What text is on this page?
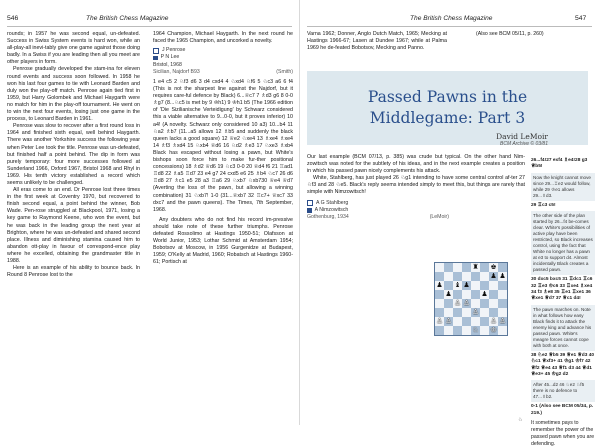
546	The British Chess Magazine

rounds; in 1957 he was second equal, un-defeated. Success in Swiss System events is hard won, while an all-play-all inevi-tably give one game against those doing badly. In a Swiss if you are leading then all you meet are other players in form.

Penrose gradually developed the stam-ina for eleven round events and success soon followed. In 1958 he won his last four games to tie with Leonard Barden and duly won the play-off match. Penrose again tied first in 1959, but Harry Golombek and Michael Haygarth were no match for him in the play-off tournament. He went on to win the next four events, losing just one game in the process, to Leonard Barden in 1961.

Penrose was slow to recover after a first round loss in 1964 and finished sixth equal, well behind Haygarth. There was another Yorkshire success the following year when Peter Lee took the title. Penrose was un-defeated, but finished half a point behind. The dip in form was purely temporary: four more successes followed at Sunderland 1966, Oxford 1967, Bristol 1968 and Rhyl in 1969. His tenth victory established a record which seems unlikely to be challenged.

All eras come to an end. Dr Penrose lost three times in the first week at Coventry 1970, but recovered to finish second equal, a point behind the winner, Bob Wade. Pen-rose struggled at Blackpool, 1971, losing a key game to Raymond Keene, who won the event, but he was back in the leading group the next year at Brighton, where he was un-defeated and shared second place. Illness and diminishing stamina caused him to abandon ott-play in favour of correspond-ence play where he excelled, obtaining the grandmaster title in 1988.

Here is an example of his ability to bounce back. In Round 8 Penrose lost to the

1964 Champion, Michael Haygarth. In the next round he faced the 1965 Champion, and uncorked a novelty.

J Penrose
P N Lee
Bristol, 1968
Sicilian, Najdorf B93	(Smith)

1 e4 c5 2 ♘f3 d6 3 d4 cxd4 4 ♘xd4 ♘f6 5 ♘c3 a6 6 f4 (This is not the sharpest line against the Najdorf, but it requires care-ful defence by Black) 6...♕c7 7 ♗d3 g6 8 0-0 ♗g7 (8...♘c5 is met by 9 ♔h1) 9 ♔h1 b5 (The 1966 edition of 'Die Sizilianische Verteidigung' by Schwarz considered this a viable alternative to 9...0-0, but it proves inferior) 10 a4! (A novelty. Schwarz only considered 10 a3) 10...b4 11 ♘a2 ♗b7 (11...a5 allows 12 ♗b5 and suddenly the black queen lacks a good square) 12 ♕e2 ♘xe4 13 ♗xe4 ♗xe4 14 ♗f3 ♗xd4 15 ♘xb4 ♕d6 16 ♘d2 ♗e3 17 ♘xe3 ♗xb4 Black has escaped without losing a pawn, but White's bishops soon force him to make fur-ther positional concessions) 18 ♗d2 ♕d6 19 ♘c3 0-0 20 ♕d4 f6 21 ♖ad1 ♖d8 22 ♗a5 ♖d7 23 e4 g7 24 cxd5 e6 25 ♗b4 ♘c7 26 d6 ♖d8 27 ♗c1 e5 28 a3 ♖a6 29 ♘xb7 ♘xb730 ♕e4 ♕d7 (Averting the loss of the pawn, but allowing a winning combination) 31 ♘xb7! 1-0 (31...♕xb7 32 ♖c7+ ♕xc7 33 dxc7 and the pawn queens). The Times, 7th September, 1968.

Any doubters who do not find his record im-pressive should take note of these further triumphs. Penrose defeated Rossolimo at Hastings 1950-51; Olafsson at World Junior, 1953; Lothar Schmid at Amsterdam 1954; Bobotsov at Moscow, in 1956 Gurgenidze at Budapest, 1959; O'Kelly at Madrid, 1960; Robatsch at Hastings 1960-61; Portisch at

The British Chess Magazine	547

Varna 1962; Donner, Anglo Dutch Match, 1965; Mecking at Hastings 1966-67; Lasen at Dundee 1967; while at Palma 1969 he de-feated Bobotsov, Mecking and Panno.

(Also see BCM 05/11, p. 260)

Passed Pawns in the
Middlegame: Part 3
David LeMoir
BCM Archive © 03/81

Our last example (BCM 07/13, p. 385) was crude but typical. On the other hand Nim-zowitsch was noted for the subtlety of his ideas, and in the next example creates a position in which his passed pawn nicely complements his attack.

White, Stahlberg, has just played 26 ♘g1 intending to have some central control af-ter 27 ♘f3 and 28 ♘e5. Black's reply seems intended simply to meet this, but things are rarely that simple with Nimzowitsch!

A G Stahlberg
A Nimzowitsch
Gothenburg, 1934	(LeMoir)
♜ ♚
♟ ♟
♟ ♝ ♟
♟	♟
♙ ♙
♙
♙ ♙	♙ ♙
♘ ♔
26...f4!27 exf4 ♗e4!28 g3 ♕b5!
Now the knight cannot move since 29...♖e2 would follow, while 29 ♔e1 allows 29...♗d3.
29 ♖c3 c5!
The other side of the plan started by 26...f4 be-comes clear. White's possibilities of active play have been restricted, so Black increases control, using the fact that White no longer has a pawn at e3 to support d4. Almost incidentally Black creates a passed pawn.
30 dxc5 bxc5 31 ♖dc1 ♖c6 32 ♖e3 ♔c6 33 ♖xe4 ♗xe4 34 f3 ♗e8 35 ♖e1 ♖xe1 36 ♕xe1 ♕d7 37 ♕c1 d4!
The pawn marches on. Note in what follows how easy Black finds it to attack the enemy king and advance his passed pawn. White's meagre forces cannot cope with both at once.
38 ♘e2 ♕b5 39 ♕e1 ♕d3 40 ♘c1 ♕xf3+ 41 ♔g1 ♔f7 42 ♕f2 ♕e4 43 ♕f1 d3 44 ♕d1 ♕e3+ 45 ♔g2 d2
After 45...d2 46 ♘e2 ♘f5 there is no defence to 47...♗b2.
0-1 (Also see BCM 05/34, p. 219.)
It sometimes pays to remember the power of the passed pawn when you are defending.
♘
